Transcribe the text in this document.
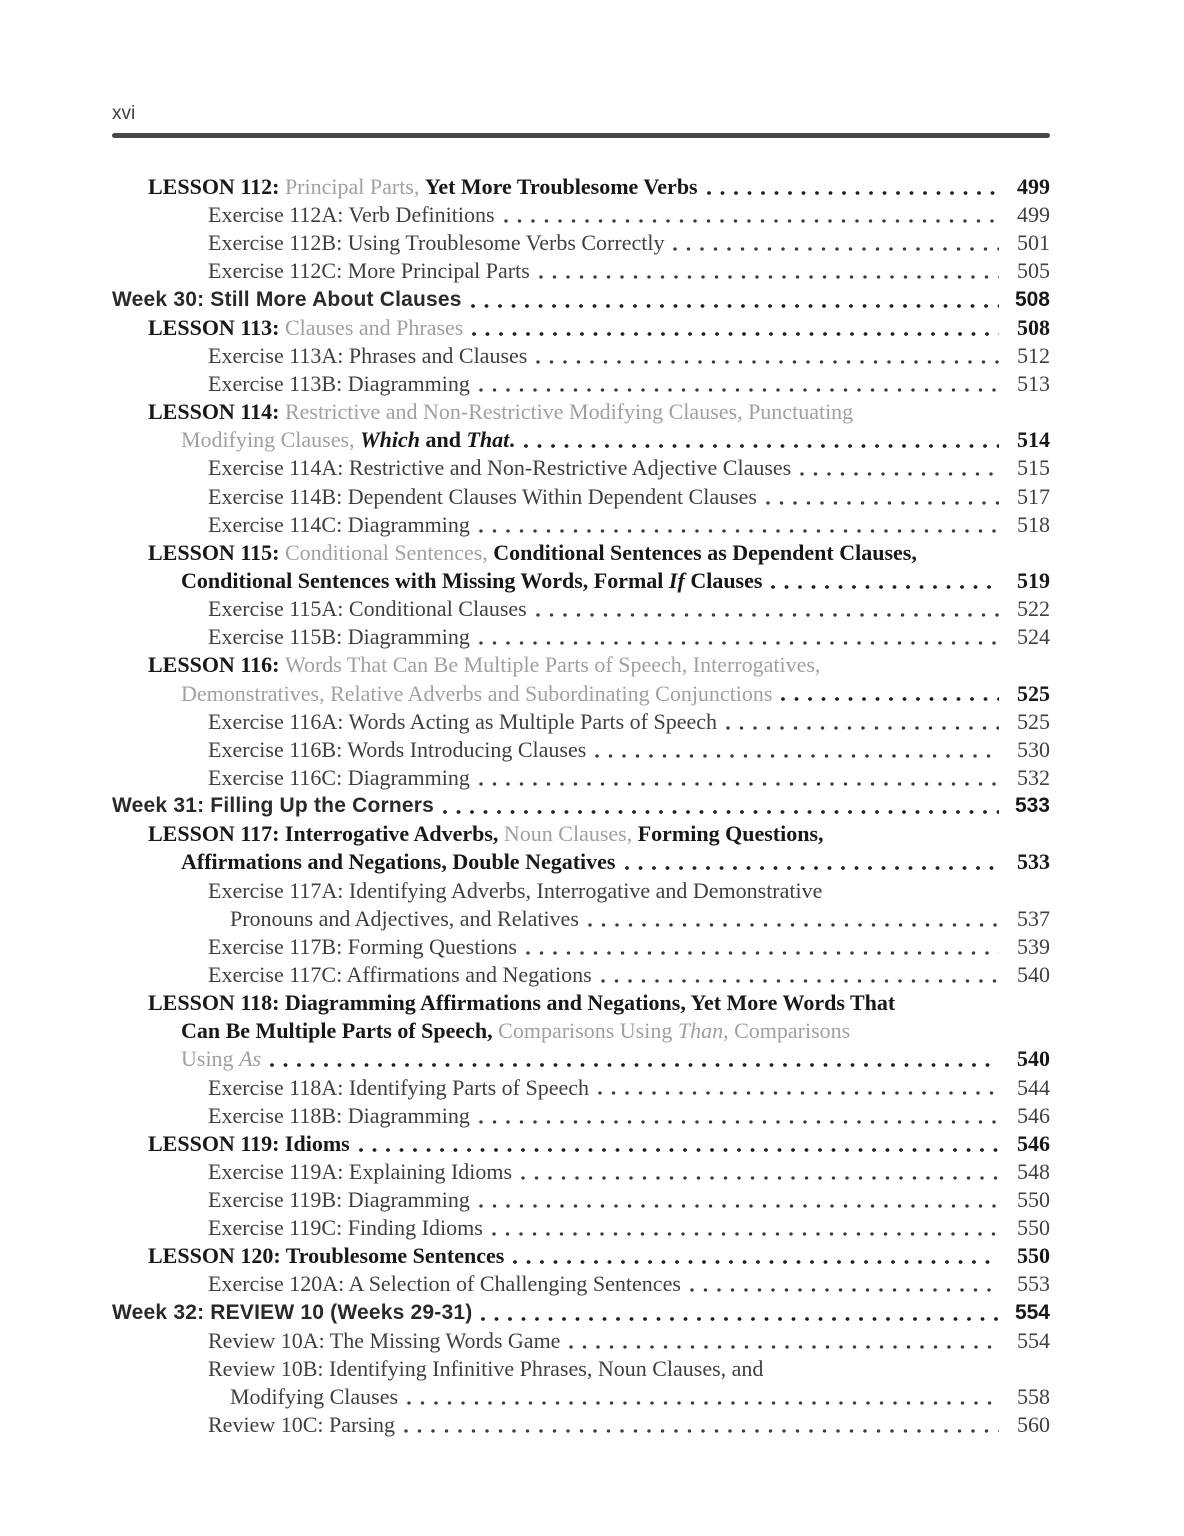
xvi
LESSON 112: Principal Parts, Yet More Troublesome Verbs	499
Exercise 112A: Verb Definitions	499
Exercise 112B: Using Troublesome Verbs Correctly	501
Exercise 112C: More Principal Parts	505
Week 30: Still More About Clauses	508
LESSON 113: Clauses and Phrases	508
Exercise 113A: Phrases and Clauses	512
Exercise 113B: Diagramming	513
LESSON 114: Restrictive and Non-Restrictive Modifying Clauses, Punctuating
Modifying Clauses, Which and That .	514
Exercise 114A: Restrictive and Non-Restrictive Adjective Clauses	515
Exercise 114B: Dependent Clauses Within Dependent Clauses	517
Exercise 114C: Diagramming	518
LESSON 115: Conditional Sentences, Conditional Sentences as Dependent Clauses,
Conditional Sentences with Missing Words, Formal If Clauses	519
Exercise 115A: Conditional Clauses	522
Exercise 115B: Diagramming	524
LESSON 116: Words That Can Be Multiple Parts of Speech, Interrogatives,
Demonstratives, Relative Adverbs and Subordinating Conjunctions	525
Exercise 116A: Words Acting as Multiple Parts of Speech	525
Exercise 116B: Words Introducing Clauses	530
Exercise 116C: Diagramming	532
Week 31: Filling Up the Corners	533
LESSON 117: Interrogative Adverbs, Noun Clauses, Forming Questions,
Affirmations and Negations, Double Negatives	533
Exercise 117A: Identifying Adverbs, Interrogative and Demonstrative
Pronouns and Adjectives, and Relatives	537
Exercise 117B: Forming Questions	539
Exercise 117C: Affirmations and Negations	540
LESSON 118: Diagramming Affirmations and Negations, Yet More Words That
Can Be Multiple Parts of Speech, Comparisons Using Than , Comparisons
Using As	540
Exercise 118A: Identifying Parts of Speech	544
Exercise 118B: Diagramming	546
LESSON 119: Idioms	546
Exercise 119A: Explaining Idioms	548
Exercise 119B: Diagramming	550
Exercise 119C: Finding Idioms	550
LESSON 120: Troublesome Sentences	550
Exercise 120A: A Selection of Challenging Sentences	553
Week 32: REVIEW 10 (Weeks 29-31)	554
Review 10A: The Missing Words Game	554
Review 10B: Identifying Infinitive Phrases, Noun Clauses, and
Modifying Clauses	558
Review 10C: Parsing	560
